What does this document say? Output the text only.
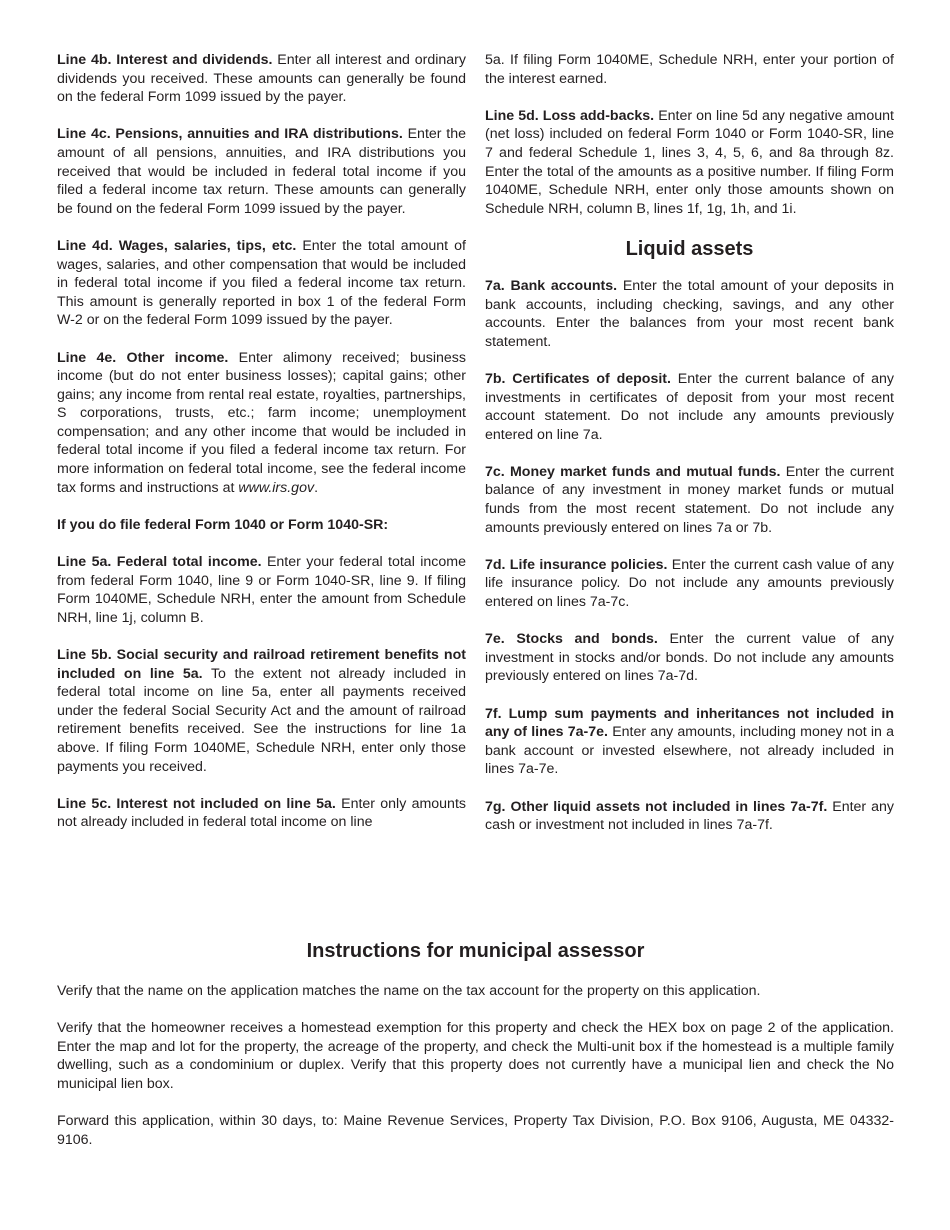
Line 4b. Interest and dividends. Enter all interest and ordinary dividends you received. These amounts can generally be found on the federal Form 1099 issued by the payer.

Line 4c. Pensions, annuities and IRA distributions. Enter the amount of all pensions, annuities, and IRA distributions you received that would be included in federal total income if you filed a federal income tax return. These amounts can generally be found on the federal Form 1099 issued by the payer.

Line 4d. Wages, salaries, tips, etc. Enter the total amount of wages, salaries, and other compensation that would be included in federal total income if you filed a federal income tax return. This amount is generally reported in box 1 of the federal Form W-2 or on the federal Form 1099 issued by the payer.

Line 4e. Other income. Enter alimony received; business income (but do not enter business losses); capital gains; other gains; any income from rental real estate, royalties, partnerships, S corporations, trusts, etc.; farm income; unemployment compensation; and any other income that would be included in federal total income if you filed a federal income tax return. For more information on federal total income, see the federal income tax forms and instructions at www.irs.gov.

If you do file federal Form 1040 or Form 1040-SR:

Line 5a. Federal total income. Enter your federal total income from federal Form 1040, line 9 or Form 1040-SR, line 9. If filing Form 1040ME, Schedule NRH, enter the amount from Schedule NRH, line 1j, column B.

Line 5b. Social security and railroad retirement benefits not included on line 5a. To the extent not already included in federal total income on line 5a, enter all payments received under the federal Social Security Act and the amount of railroad retirement benefits received. See the instructions for line 1a above. If filing Form 1040ME, Schedule NRH, enter only those payments you received.

Line 5c. Interest not included on line 5a. Enter only amounts not already included in federal total income on line

5a. If filing Form 1040ME, Schedule NRH, enter your portion of the interest earned.

Line 5d. Loss add-backs. Enter on line 5d any negative amount (net loss) included on federal Form 1040 or Form 1040-SR, line 7 and federal Schedule 1, lines 3, 4, 5, 6, and 8a through 8z. Enter the total of the amounts as a positive number. If filing Form 1040ME, Schedule NRH, enter only those amounts shown on Schedule NRH, column B, lines 1f, 1g, 1h, and 1i.

Liquid assets

7a. Bank accounts. Enter the total amount of your deposits in bank accounts, including checking, savings, and any other accounts. Enter the balances from your most recent bank statement.

7b. Certificates of deposit. Enter the current balance of any investments in certificates of deposit from your most recent account statement. Do not include any amounts previously entered on line 7a.

7c. Money market funds and mutual funds. Enter the current balance of any investment in money market funds or mutual funds from the most recent statement. Do not include any amounts previously entered on lines 7a or 7b.

7d. Life insurance policies. Enter the current cash value of any life insurance policy. Do not include any amounts previously entered on lines 7a-7c.

7e. Stocks and bonds. Enter the current value of any investment in stocks and/or bonds. Do not include any amounts previously entered on lines 7a-7d.

7f. Lump sum payments and inheritances not included in any of lines 7a-7e. Enter any amounts, including money not in a bank account or invested elsewhere, not already included in lines 7a-7e.

7g. Other liquid assets not included in lines 7a-7f. Enter any cash or investment not included in lines 7a-7f.

Instructions for municipal assessor

Verify that the name on the application matches the name on the tax account for the property on this application.

Verify that the homeowner receives a homestead exemption for this property and check the HEX box on page 2 of the application. Enter the map and lot for the property, the acreage of the property, and check the Multi-unit box if the homestead is a multiple family dwelling, such as a condominium or duplex. Verify that this property does not currently have a municipal lien and check the No municipal lien box.

Forward this application, within 30 days, to: Maine Revenue Services, Property Tax Division, P.O. Box 9106, Augusta, ME 04332-9106.
